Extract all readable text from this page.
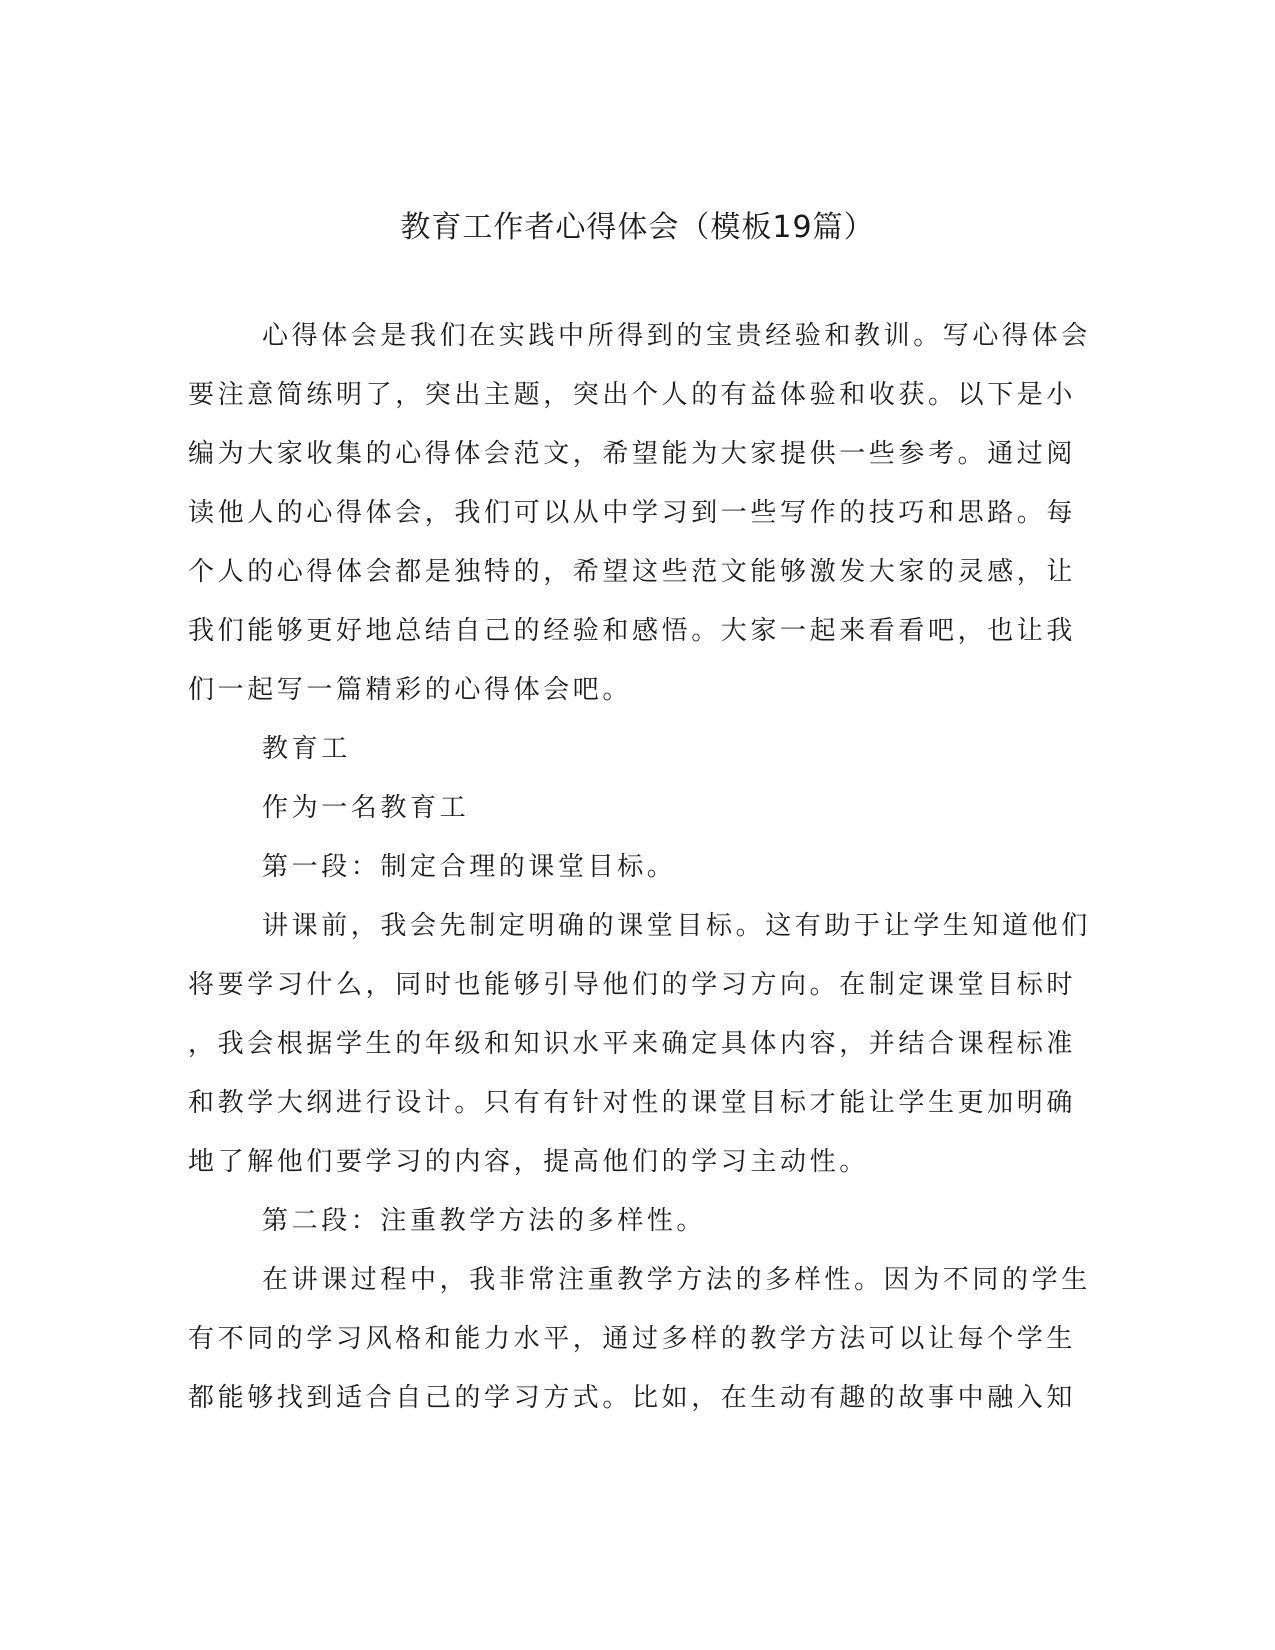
教育工作者心得体会（模板19篇）
心得体会是我们在实践中所得到的宝贵经验和教训。写心得体会
要注意简练明了，突出主题，突出个人的有益体验和收获。以下是小
编为大家收集的心得体会范文，希望能为大家提供一些参考。通过阅
读他人的心得体会，我们可以从中学习到一些写作的技巧和思路。每
个人的心得体会都是独特的，希望这些范文能够激发大家的灵感，让
我们能够更好地总结自己的经验和感悟。大家一起来看看吧，也让我
们一起写一篇精彩的心得体会吧。
教育工
作为一名教育工
第一段：制定合理的课堂目标。
讲课前，我会先制定明确的课堂目标。这有助于让学生知道他们
将要学习什么，同时也能够引导他们的学习方向。在制定课堂目标时
，我会根据学生的年级和知识水平来确定具体内容，并结合课程标准
和教学大纲进行设计。只有有针对性的课堂目标才能让学生更加明确
地了解他们要学习的内容，提高他们的学习主动性。
第二段：注重教学方法的多样性。
在讲课过程中，我非常注重教学方法的多样性。因为不同的学生
有不同的学习风格和能力水平，通过多样的教学方法可以让每个学生
都能够找到适合自己的学习方式。比如，在生动有趣的故事中融入知
